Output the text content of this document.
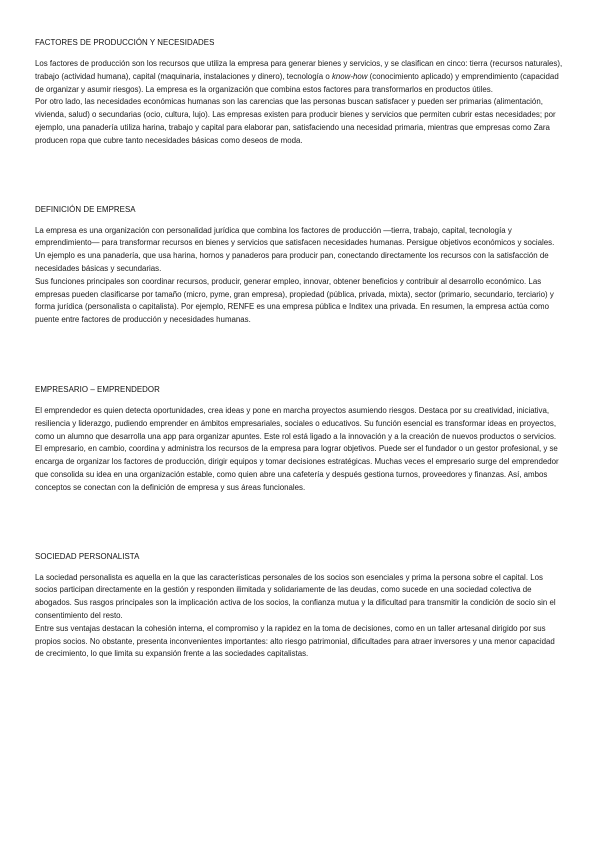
FACTORES DE PRODUCCIÓN Y NECESIDADES

Los factores de producción son los recursos que utiliza la empresa para generar bienes y servicios, y se clasifican en cinco: tierra (recursos naturales), trabajo (actividad humana), capital (maquinaria, instalaciones y dinero), tecnología o know-how (conocimiento aplicado) y emprendimiento (capacidad de organizar y asumir riesgos). La empresa es la organización que combina estos factores para transformarlos en productos útiles.

Por otro lado, las necesidades económicas humanas son las carencias que las personas buscan satisfacer y pueden ser primarias (alimentación, vivienda, salud) o secundarias (ocio, cultura, lujo). Las empresas existen para producir bienes y servicios que permiten cubrir estas necesidades; por ejemplo, una panadería utiliza harina, trabajo y capital para elaborar pan, satisfaciendo una necesidad primaria, mientras que empresas como Zara producen ropa que cubre tanto necesidades básicas como deseos de moda.

DEFINICIÓN DE EMPRESA

La empresa es una organización con personalidad jurídica que combina los factores de producción —tierra, trabajo, capital, tecnología y emprendimiento— para transformar recursos en bienes y servicios que satisfacen necesidades humanas. Persigue objetivos económicos y sociales. Un ejemplo es una panadería, que usa harina, hornos y panaderos para producir pan, conectando directamente los recursos con la satisfacción de necesidades básicas y secundarias.

Sus funciones principales son coordinar recursos, producir, generar empleo, innovar, obtener beneficios y contribuir al desarrollo económico. Las empresas pueden clasificarse por tamaño (micro, pyme, gran empresa), propiedad (pública, privada, mixta), sector (primario, secundario, terciario) y forma jurídica (personalista o capitalista). Por ejemplo, RENFE es una empresa pública e Inditex una privada. En resumen, la empresa actúa como puente entre factores de producción y necesidades humanas.

EMPRESARIO – EMPRENDEDOR

El emprendedor es quien detecta oportunidades, crea ideas y pone en marcha proyectos asumiendo riesgos. Destaca por su creatividad, iniciativa, resiliencia y liderazgo, pudiendo emprender en ámbitos empresariales, sociales o educativos. Su función esencial es transformar ideas en proyectos, como un alumno que desarrolla una app para organizar apuntes. Este rol está ligado a la innovación y a la creación de nuevos productos o servicios.

El empresario, en cambio, coordina y administra los recursos de la empresa para lograr objetivos. Puede ser el fundador o un gestor profesional, y se encarga de organizar los factores de producción, dirigir equipos y tomar decisiones estratégicas. Muchas veces el empresario surge del emprendedor que consolida su idea en una organización estable, como quien abre una cafetería y después gestiona turnos, proveedores y finanzas. Así, ambos conceptos se conectan con la definición de empresa y sus áreas funcionales.

SOCIEDAD PERSONALISTA

La sociedad personalista es aquella en la que las características personales de los socios son esenciales y prima la persona sobre el capital. Los socios participan directamente en la gestión y responden ilimitada y solidariamente de las deudas, como sucede en una sociedad colectiva de abogados. Sus rasgos principales son la implicación activa de los socios, la confianza mutua y la dificultad para transmitir la condición de socio sin el consentimiento del resto.

Entre sus ventajas destacan la cohesión interna, el compromiso y la rapidez en la toma de decisiones, como en un taller artesanal dirigido por sus propios socios. No obstante, presenta inconvenientes importantes: alto riesgo patrimonial, dificultades para atraer inversores y una menor capacidad de crecimiento, lo que limita su expansión frente a las sociedades capitalistas.
